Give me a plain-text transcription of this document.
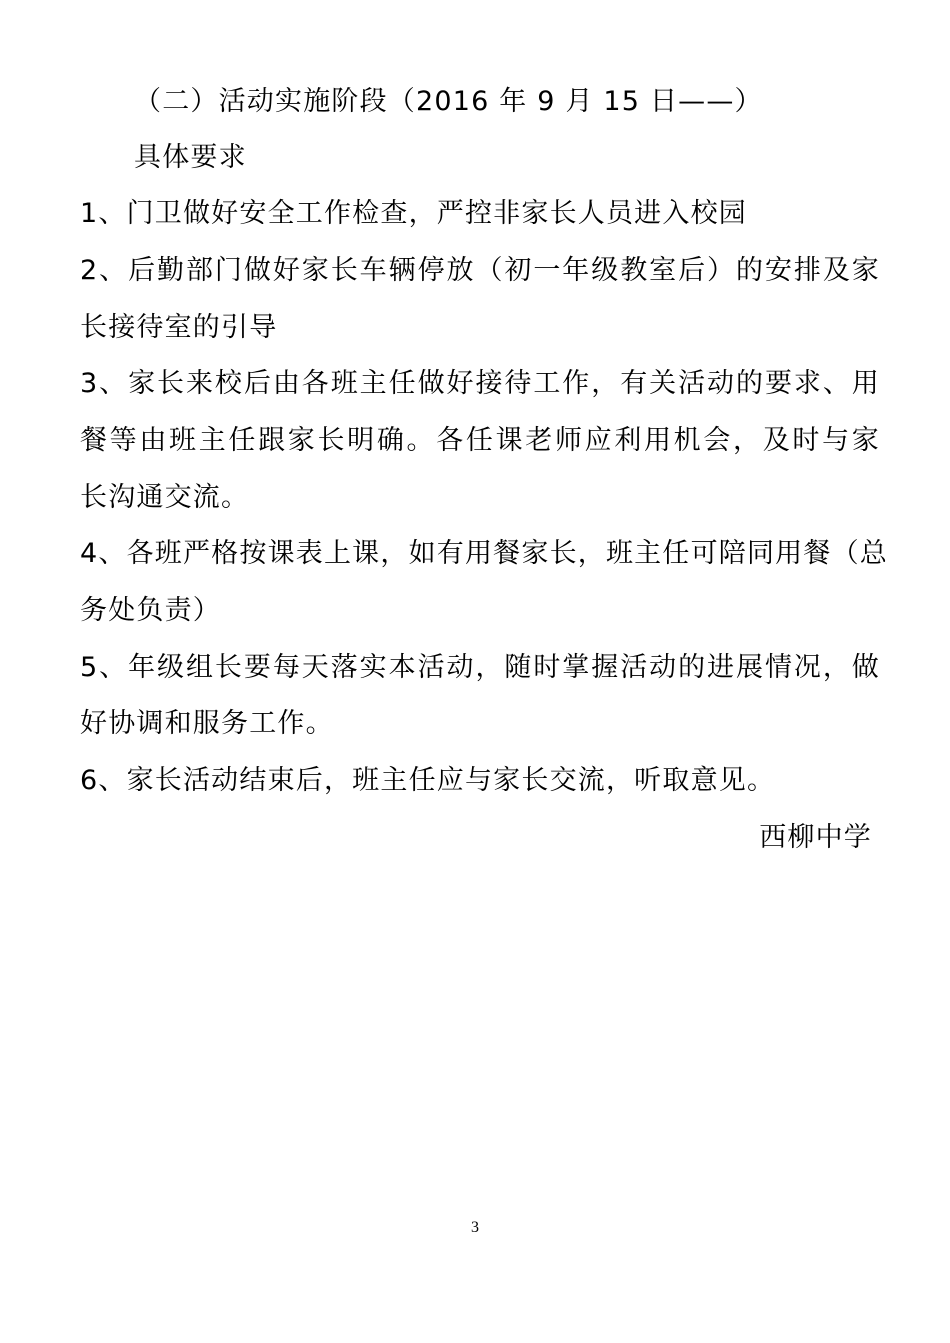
（二）活动实施阶段（2016 年 9 月 15 日——）
具体要求
1、门卫做好安全工作检查，严控非家长人员进入校园
2、后勤部门做好家长车辆停放（初一年级教室后）的安排及家
长接待室的引导
3、家长来校后由各班主任做好接待工作，有关活动的要求、用
餐等由班主任跟家长明确。各任课老师应利用机会，及时与家
长沟通交流。
4、各班严格按课表上课，如有用餐家长，班主任可陪同用餐（总
务处负责）
5、年级组长要每天落实本活动，随时掌握活动的进展情况，做
好协调和服务工作。
6、家长活动结束后，班主任应与家长交流，听取意见。
西柳中学
3
